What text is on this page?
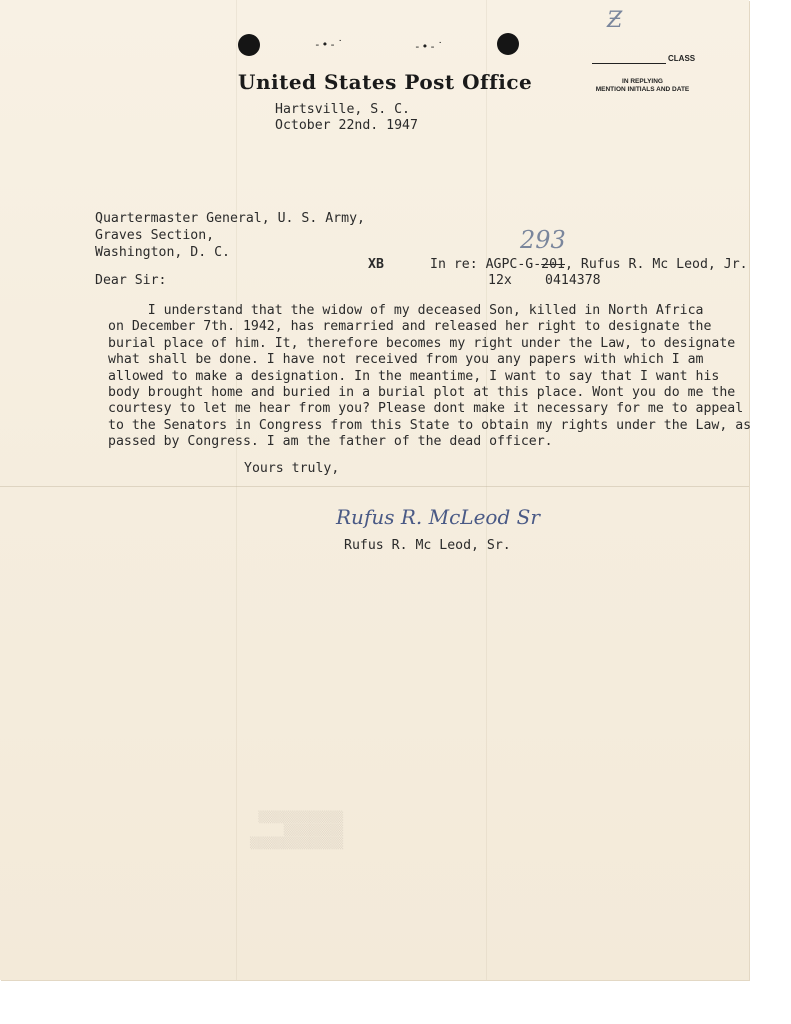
-•-˙	-•-˙
Ƶ
CLASS
IN REPLYING
MENTION INITIALS AND DATE
United States Post Office
Hartsville, S. C.
October 22nd. 1947
Quartermaster General, U. S. Army,
Graves Section,
Washington, D. C.	293
XB	In re: AGPC-G-201, Rufus R. Mc Leod, Jr.
12x	0414378
Dear Sir:
I understand that the widow of my deceased Son, killed in North Africa
on December 7th. 1942, has remarried and released her right to designate the
burial place of him. It, therefore becomes my right under the Law, to designate
what shall be done. I have not received from you any papers with which I am
allowed to make a designation. In the meantime, I want to say that I want his
body brought home and buried in a burial plot at this place. Wont you do me the
courtesy to let me hear from you? Please dont make it necessary for me to appeal
to the Senators in Congress from this State to obtain my rights under the Law, as
passed by Congress. I am the father of the dead officer.
Yours truly,
Rufus R. McLeod Sr
Rufus R. Mc Leod, Sr.
▒▒▒▒▒▒▒▒▒▒▒
▒▒▒▒▒▒▒
▒▒▒▒▒▒▒▒▒▒
